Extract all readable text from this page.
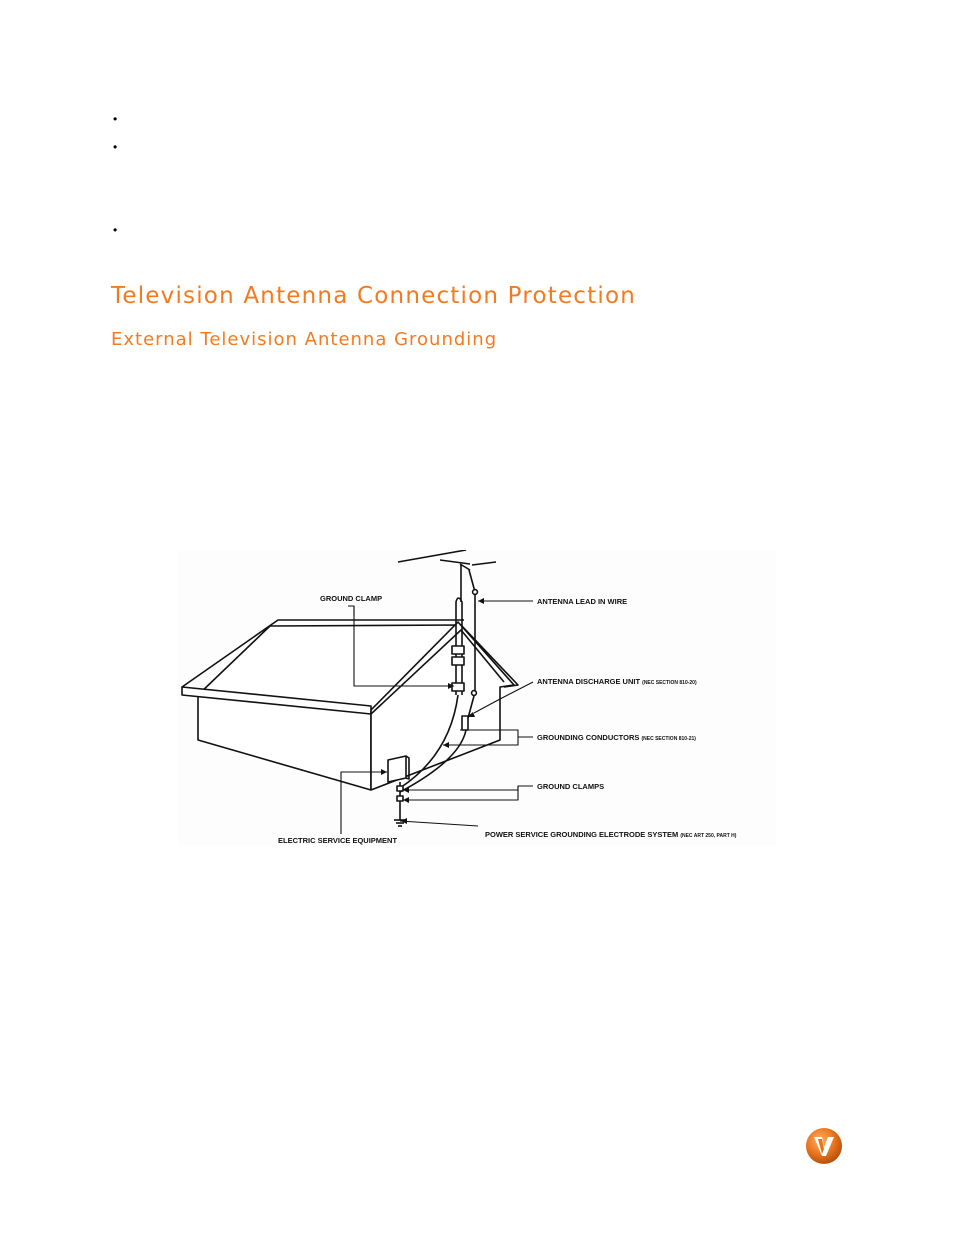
•
•
•
Television Antenna Connection Protection
External Television Antenna Grounding
GROUND CLAMP	ANTENNA LEAD IN WIRE
ANTENNA DISCHARGE UNIT (NEC SECTION 810-20)
GROUNDING CONDUCTORS (NEC SECTION 810-21)
GROUND CLAMPS
ELECTRIC SERVICE EQUIPMENT
POWER SERVICE GROUNDING ELECTRODE SYSTEM (NEC ART 250, PART H)
